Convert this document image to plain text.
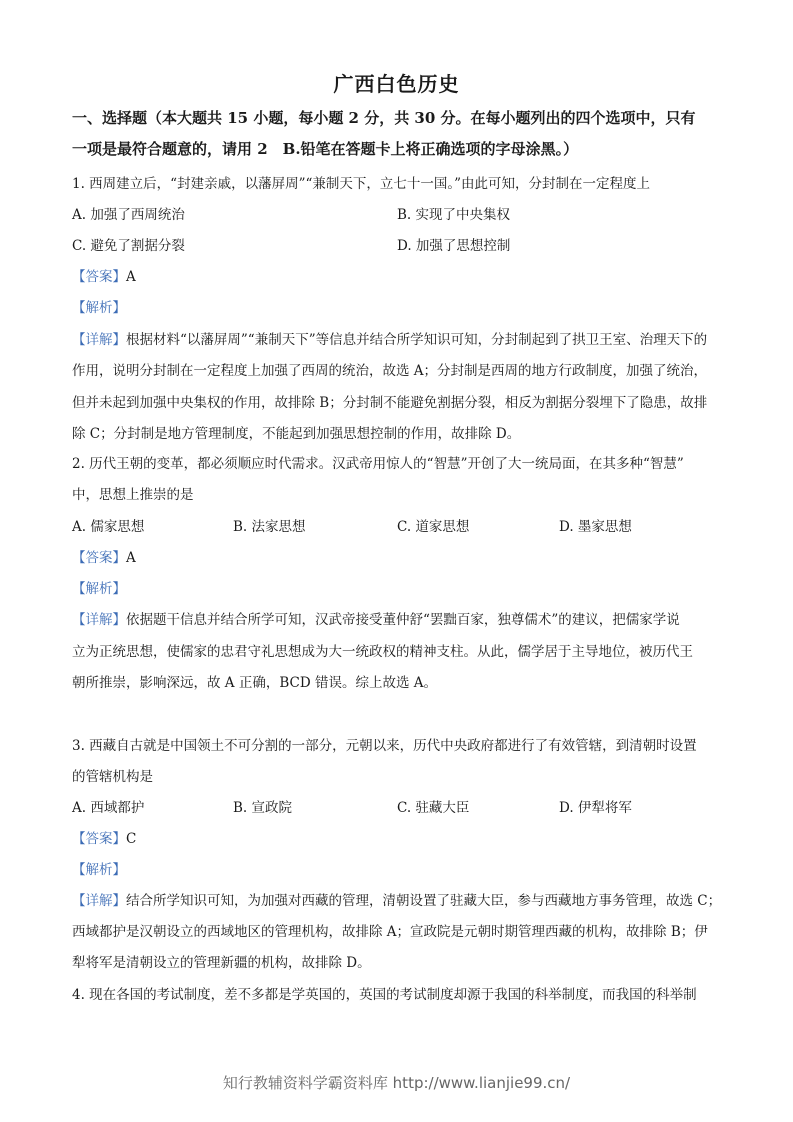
广西白色历史
一、选择题（本大题共 15 小题，每小题 2 分，共 30 分。在每小题列出的四个选项中，只有
一项是最符合题意的，请用 2　B.铅笔在答题卡上将正确选项的字母涂黑。）
1. 西周建立后，“封建亲戚，以藩屏周”“兼制天下，立七十一国。”由此可知，分封制在一定程度上
A. 加强了西周统治	B. 实现了中央集权
C. 避免了割据分裂	D. 加强了思想控制
【答案】A
【解析】
【详解】根据材料“以藩屏周”“兼制天下”等信息并结合所学知识可知，分封制起到了拱卫王室、治理天下的
作用，说明分封制在一定程度上加强了西周的统治，故选 A；分封制是西周的地方行政制度，加强了统治，
但并未起到加强中央集权的作用，故排除 B；分封制不能避免割据分裂，相反为割据分裂埋下了隐患，故排
除 C；分封制是地方管理制度，不能起到加强思想控制的作用，故排除 D。
2. 历代王朝的变革，都必须顺应时代需求。汉武帝用惊人的“智慧”开创了大一统局面，在其多种“智慧”
中，思想上推崇的是
A. 儒家思想	B. 法家思想	C. 道家思想	D. 墨家思想
【答案】A
【解析】
【详解】依据题干信息并结合所学可知，汉武帝接受董仲舒“罢黜百家，独尊儒术”的建议，把儒家学说
立为正统思想，使儒家的忠君守礼思想成为大一统政权的精神支柱。从此，儒学居于主导地位，被历代王
朝所推崇，影响深远，故 A 正确，BCD 错误。综上故选 A。
3. 西藏自古就是中国领土不可分割的一部分，元朝以来，历代中央政府都进行了有效管辖，到清朝时设置
的管辖机构是
A. 西域都护	B. 宣政院	C. 驻藏大臣	D. 伊犁将军
【答案】C
【解析】
【详解】结合所学知识可知，为加强对西藏的管理，清朝设置了驻藏大臣，参与西藏地方事务管理，故选 C；
西域都护是汉朝设立的西域地区的管理机构，故排除 A；宣政院是元朝时期管理西藏的机构，故排除 B；伊
犁将军是清朝设立的管理新疆的机构，故排除 D。
4. 现在各国的考试制度，差不多都是学英国的，英国的考试制度却源于我国的科举制度，而我国的科举制
知行教辅资料学霸资料库 http://www.lianjie99.cn/
